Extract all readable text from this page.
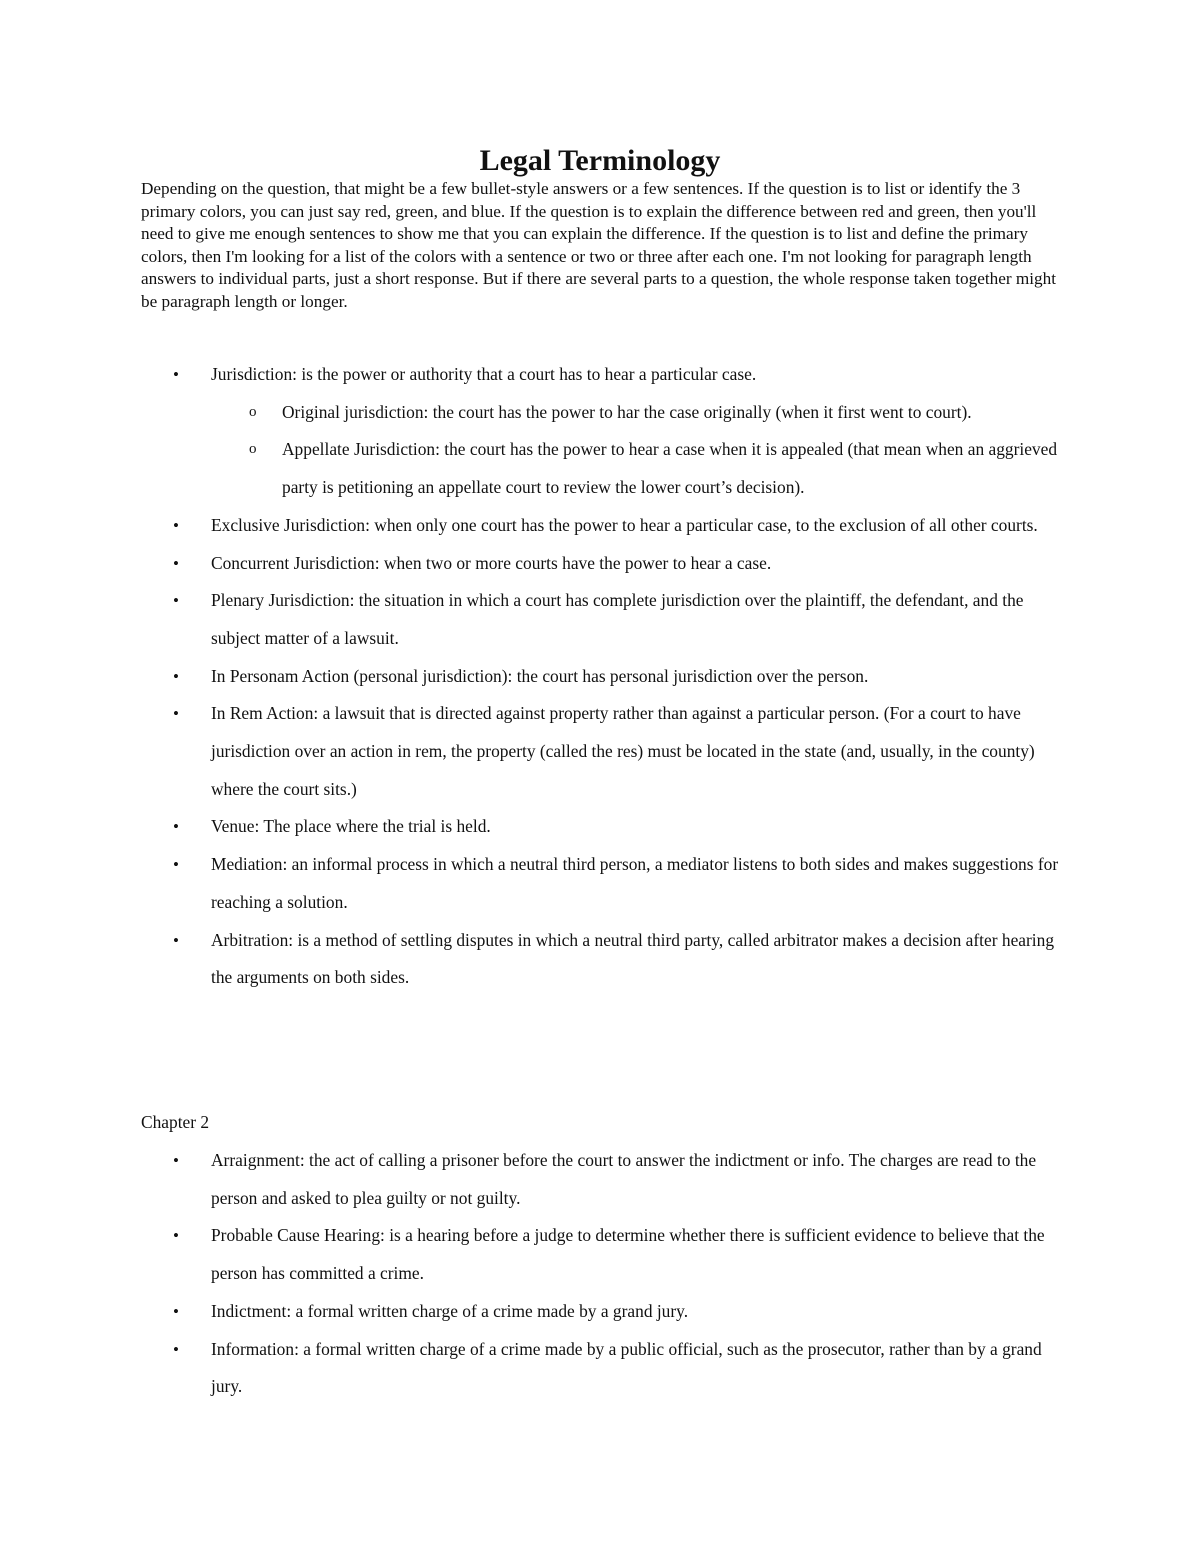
Legal Terminology

Depending on the question, that might be a few bullet-style answers or a few sentences. If the question is to list or identify the 3 primary colors, you can just say red, green, and blue. If the question is to explain the difference between red and green, then you'll need to give me enough sentences to show me that you can explain the difference. If the question is to list and define the primary colors, then I'm looking for a list of the colors with a sentence or two or three after each one. I'm not looking for paragraph length answers to individual parts, just a short response. But if there are several parts to a question, the whole response taken together might be paragraph length or longer.

• Jurisdiction: is the power or authority that a court has to hear a particular case.
o Original jurisdiction: the court has the power to har the case originally (when it first went to court).
o Appellate Jurisdiction: the court has the power to hear a case when it is appealed (that mean when an aggrieved party is petitioning an appellate court to review the lower court’s decision).
• Exclusive Jurisdiction: when only one court has the power to hear a particular case, to the exclusion of all other courts.
• Concurrent Jurisdiction: when two or more courts have the power to hear a case.
• Plenary Jurisdiction: the situation in which a court has complete jurisdiction over the plaintiff, the defendant, and the subject matter of a lawsuit.
• In Personam Action (personal jurisdiction): the court has personal jurisdiction over the person.
• In Rem Action: a lawsuit that is directed against property rather than against a particular person. (For a court to have jurisdiction over an action in rem, the property (called the res) must be located in the state (and, usually, in the county) where the court sits.)
• Venue: The place where the trial is held.
• Mediation: an informal process in which a neutral third person, a mediator listens to both sides and makes suggestions for reaching a solution.
• Arbitration: is a method of settling disputes in which a neutral third party, called arbitrator makes a decision after hearing the arguments on both sides.

Chapter 2

• Arraignment: the act of calling a prisoner before the court to answer the indictment or info. The charges are read to the person and asked to plea guilty or not guilty.
• Probable Cause Hearing: is a hearing before a judge to determine whether there is sufficient evidence to believe that the person has committed a crime.
• Indictment: a formal written charge of a crime made by a grand jury.
• Information: a formal written charge of a crime made by a public official, such as the prosecutor, rather than by a grand jury.
